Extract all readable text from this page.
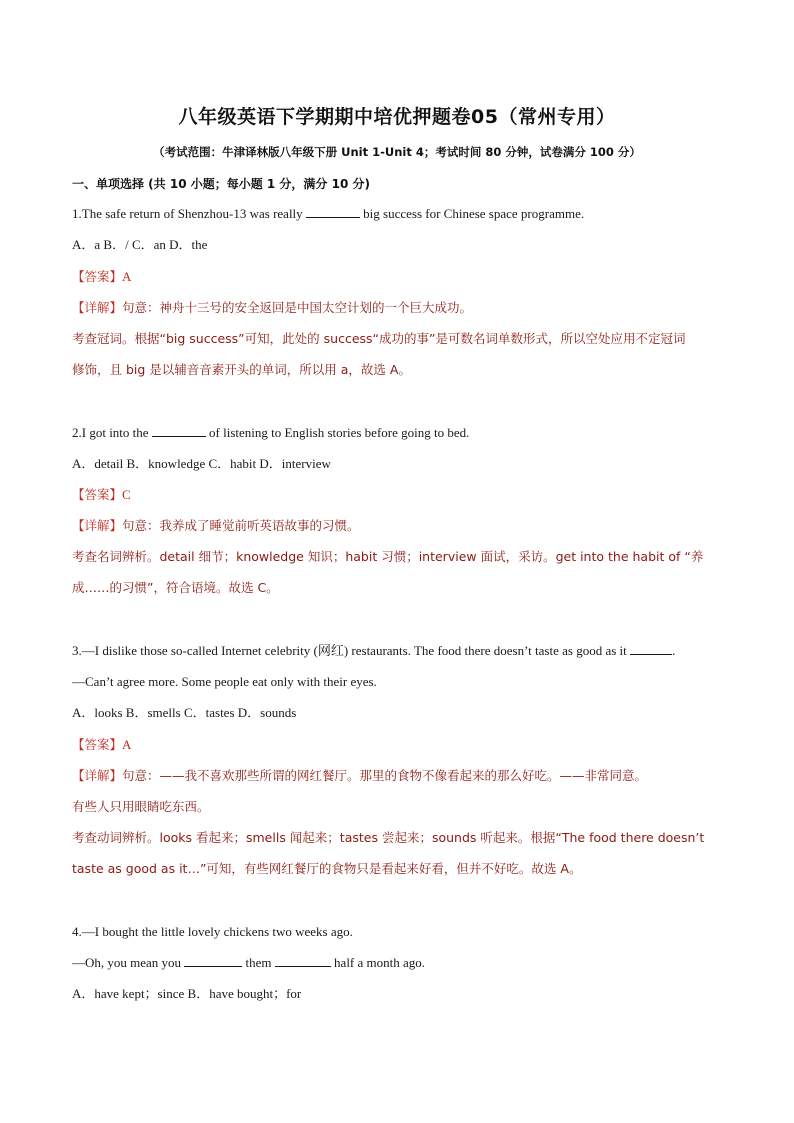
八年级英语下学期期中培优押题卷05（常州专用）
（考试范围：牛津译林版八年级下册 Unit 1-Unit 4；考试时间 80 分钟，试卷满分 100 分）
一、单项选择 (共 10 小题；每小题 1 分，满分 10 分)
1.The safe return of Shenzhou-13 was really	big success for Chinese space programme.
A．a B．/ C．an D．the
【答案】A
【详解】句意：神舟十三号的安全返回是中国太空计划的一个巨大成功。
考查冠词。根据“big success”可知，此处的 success“成功的事”是可数名词单数形式，所以空处应用不定冠词
修饰，且 big 是以辅音音素开头的单词，所以用 a，故选 A。
2.I got into the	of listening to English stories before going to bed.
A．detail B．knowledge C．habit D．interview
【答案】C
【详解】句意：我养成了睡觉前听英语故事的习惯。
考查名词辨析。detail 细节；knowledge 知识；habit 习惯；interview 面试，采访。get into the habit of “养
成……的习惯”，符合语境。故选 C。
3.—I dislike those so-called Internet celebrity (网红) restaurants. The food there doesn’t taste as good as it	.
—Can’t agree more. Some people eat only with their eyes.
A．looks B．smells C．tastes D．sounds
【答案】A
【详解】句意：——我不喜欢那些所谓的网红餐厅。那里的食物不像看起来的那么好吃。——非常同意。
有些人只用眼睛吃东西。
考查动词辨析。looks 看起来；smells 闻起来；tastes 尝起来；sounds 听起来。根据“The food there doesn’t
taste as good as it…”可知，有些网红餐厅的食物只是看起来好看，但并不好吃。故选 A。
4.—I bought the little lovely chickens two weeks ago.
—Oh, you mean you	them	half a month ago.
A．have kept；since B．have bought；for
